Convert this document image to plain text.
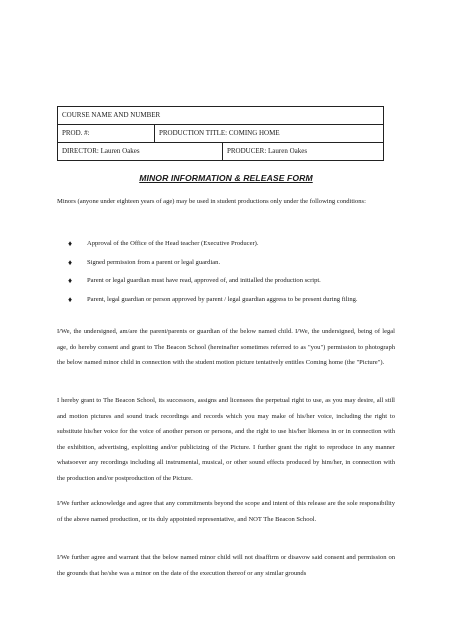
COURSE NAME AND NUMBER
PROD. #:	PRODUCTION TITLE: COMING HOME
DIRECTOR: Lauren Oakes	PRODUCER: Lauren Oakes
MINOR INFORMATION & RELEASE FORM

Minors (anyone under eighteen years of age) may be used in student productions only under the following conditions:

♦ Approval of the Office of the Head teacher (Executive Producer).
♦ Signed permission from a parent or legal guardian.
♦ Parent or legal guardian must have read, approved of, and initialled the production script.
♦ Parent, legal guardian or person approved by parent / legal guardian aggress to be present during filing.

I/We, the undersigned, am/are the parent/parents or guardian of the below named child. I/We, the undersigned, being of legal age, do hereby consent and grant to The Beacon School (hereinafter sometimes referred to as "you") permission to photograph the below named minor child in connection with the student motion picture tentatively entitles Coming home (the "Picture").

I hereby grant to The Beacon School, its successors, assigns and licensees the perpetual right to use, as you may desire, all still and motion pictures and sound track recordings and records which you may make of his/her voice, including the right to substitute his/her voice for the voice of another person or persons, and the right to use his/her likeness in or in connection with the exhibition, advertising, exploiting and/or publicizing of the Picture. I further grant the right to reproduce in any manner whatsoever any recordings including all instrumental, musical, or other sound effects produced by him/her, in connection with the production and/or postproduction of the Picture.

I/We further acknowledge and agree that any commitments beyond the scope and intent of this release are the sole responsibility of the above named production, or its duly appointed representative, and NOT The Beacon School.

I/We further agree and warrant that the below named minor child will not disaffirm or disavow said consent and permission on the grounds that he/she was a minor on the date of the execution thereof or any similar grounds
